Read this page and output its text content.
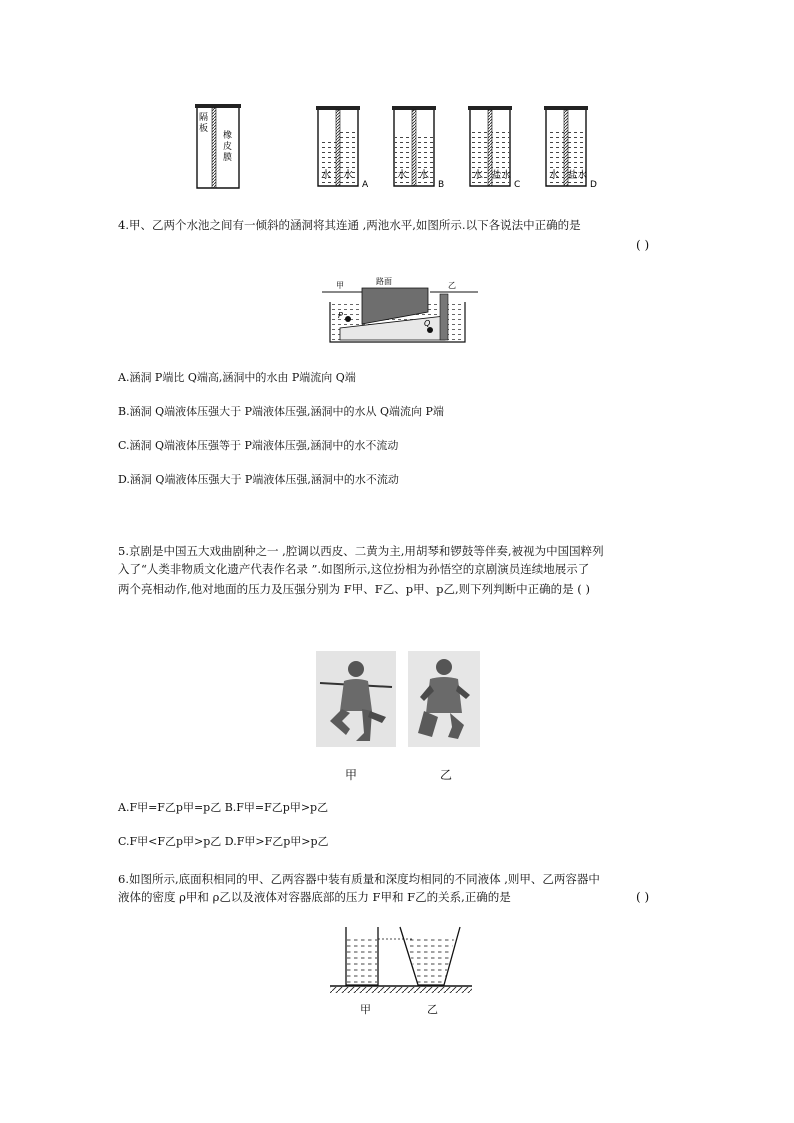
隔
板
橡
皮
膜
水 水
A
水 水
B
水 盐水
C
水 盐水
D
4.甲、乙两个水池之间有一倾斜的涵洞将其连通 ,两池水平,如图所示.以下各说法中正确的是
( )
甲	路面	乙
P
Q
A.涵洞 P端比 Q端高,涵洞中的水由 P端流向 Q端
B.涵洞 Q端液体压强大于 P端液体压强,涵洞中的水从 Q端流向 P端
C.涵洞 Q端液体压强等于 P端液体压强,涵洞中的水不流动
D.涵洞 Q端液体压强大于 P端液体压强,涵洞中的水不流动
5.京剧是中国五大戏曲剧种之一 ,腔调以西皮、二黄为主,用胡琴和锣鼓等伴奏,被视为中国国粹列
入了“人类非物质文化遗产代表作名录 ”.如图所示,这位扮相为孙悟空的京剧演员连续地展示了
两个亮相动作,他对地面的压力及压强分别为 F甲、F乙、p甲、p乙,则下列判断中正确的是 ( )
甲	乙
A.F甲=F乙p甲=p乙 B.F甲=F乙p甲>p乙
C.F甲<F乙p甲>p乙 D.F甲>F乙p甲>p乙
6.如图所示,底面积相同的甲、乙两容器中装有质量和深度均相同的不同液体 ,则甲、乙两容器中
液体的密度 ρ甲和 ρ乙以及液体对容器底部的压力 F甲和 F乙的关系,正确的是	( )
甲	乙
